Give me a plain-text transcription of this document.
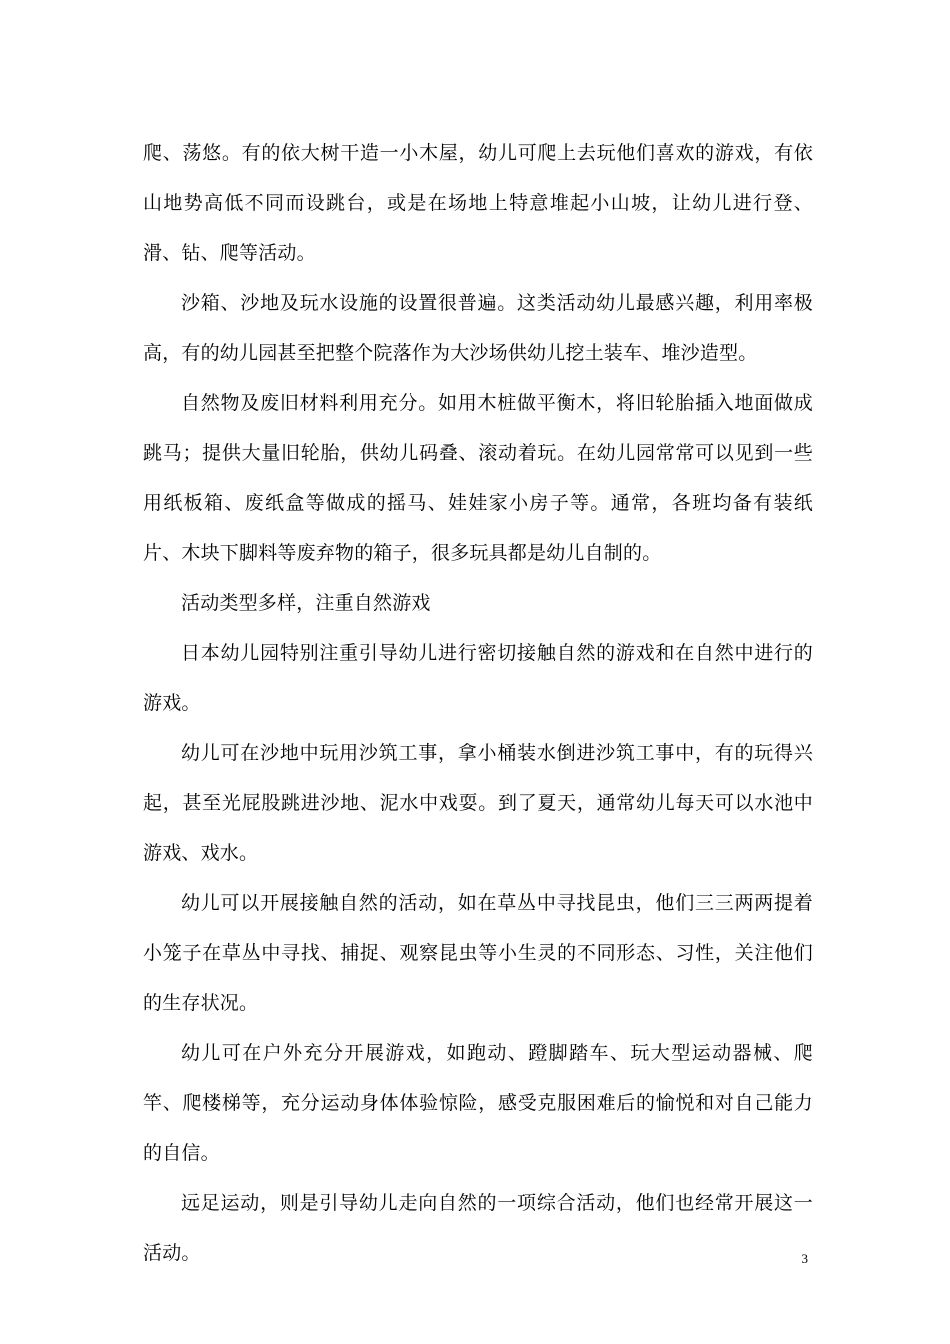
爬、荡悠。有的依大树干造一小木屋，幼儿可爬上去玩他们喜欢的游戏，有依山地势高低不同而设跳台，或是在场地上特意堆起小山坡，让幼儿进行登、滑、钻、爬等活动。

沙箱、沙地及玩水设施的设置很普遍。这类活动幼儿最感兴趣，利用率极高，有的幼儿园甚至把整个院落作为大沙场供幼儿挖土装车、堆沙造型。

自然物及废旧材料利用充分。如用木桩做平衡木，将旧轮胎插入地面做成跳马；提供大量旧轮胎，供幼儿码叠、滚动着玩。在幼儿园常常可以见到一些用纸板箱、废纸盒等做成的摇马、娃娃家小房子等。通常，各班均备有装纸片、木块下脚料等废弃物的箱子，很多玩具都是幼儿自制的。

活动类型多样，注重自然游戏

日本幼儿园特别注重引导幼儿进行密切接触自然的游戏和在自然中进行的游戏。

幼儿可在沙地中玩用沙筑工事，拿小桶装水倒进沙筑工事中，有的玩得兴起，甚至光屁股跳进沙地、泥水中戏耍。到了夏天，通常幼儿每天可以水池中游戏、戏水。

幼儿可以开展接触自然的活动，如在草丛中寻找昆虫，他们三三两两提着小笼子在草丛中寻找、捕捉、观察昆虫等小生灵的不同形态、习性，关注他们的生存状况。

幼儿可在户外充分开展游戏，如跑动、蹬脚踏车、玩大型运动器械、爬竿、爬楼梯等，充分运动身体体验惊险，感受克服困难后的愉悦和对自己能力的自信。

远足运动，则是引导幼儿走向自然的一项综合活动，他们也经常开展这一活动。	3
